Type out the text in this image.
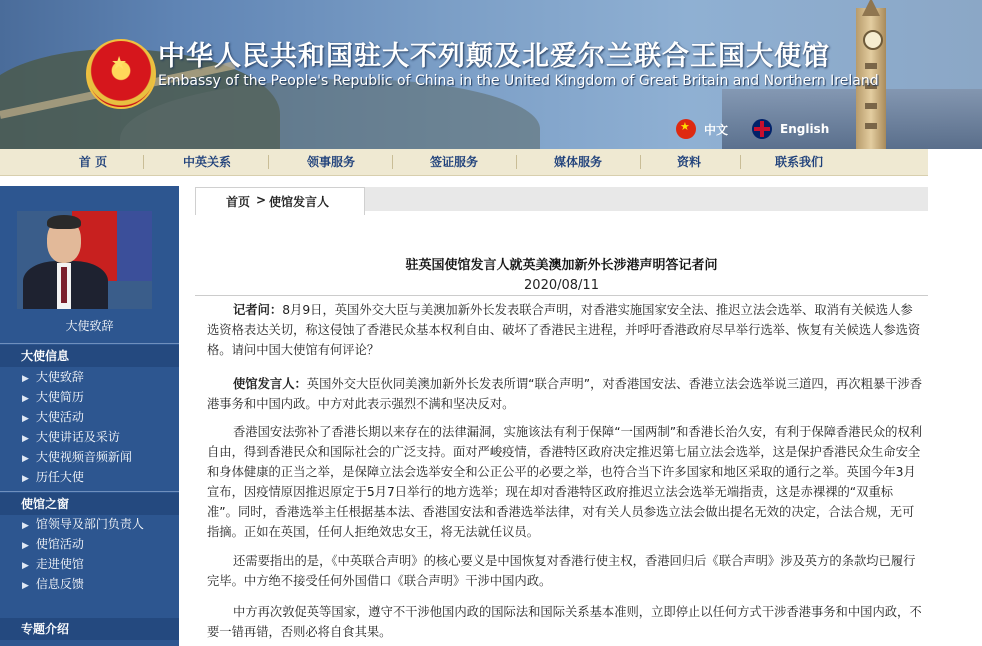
★ 中华人民共和国驻大不列颠及北爱尔兰联合王国大使馆
Embassy of the People's Republic of China in the United Kingdom of Great Britain and Northern Ireland
★
中文	English
首 页	中英关系	领事服务	签证服务	媒体服务	资料	联系我们
大使致辞
大使信息
▶ 大使致辞
▶ 大使简历
▶ 大使活动
▶ 大使讲话及采访
▶ 大使视频音频新闻
▶ 历任大使
使馆之窗
▶ 馆领导及部门负责人
▶ 使馆活动
▶ 走进使馆
▶ 信息反馈
专题介绍
首页 > 使馆发言人
驻英国使馆发言人就英美澳加新外长涉港声明答记者问
2020/08/11

记者问：8月9日，英国外交大臣与美澳加新外长发表联合声明，对香港实施国家安全法、推迟立法会选举、取消有关候选人参选资格表达关切，称这侵蚀了香港民众基本权利自由、破坏了香港民主进程，并呼吁香港政府尽早举行选举、恢复有关候选人参选资格。请问中国大使馆有何评论？

使馆发言人：英国外交大臣伙同美澳加新外长发表所谓“联合声明”，对香港国安法、香港立法会选举说三道四，再次粗暴干涉香港事务和中国内政。中方对此表示强烈不满和坚决反对。

香港国安法弥补了香港长期以来存在的法律漏洞，实施该法有利于保障“一国两制”和香港长治久安，有利于保障香港民众的权利自由，得到香港民众和国际社会的广泛支持。面对严峻疫情，香港特区政府决定推迟第七届立法会选举，这是保护香港民众生命安全和身体健康的正当之举，是保障立法会选举安全和公正公平的必要之举，也符合当下许多国家和地区采取的通行之举。英国今年3月宣布，因疫情原因推迟原定于5月7日举行的地方选举；现在却对香港特区政府推迟立法会选举无端指责，这是赤裸裸的“双重标准”。同时，香港选举主任根据基本法、香港国安法和香港选举法律，对有关人员参选立法会做出提名无效的决定，合法合规，无可指摘。正如在英国，任何人拒绝效忠女王，将无法就任议员。

还需要指出的是，《中英联合声明》的核心要义是中国恢复对香港行使主权，香港回归后《联合声明》涉及英方的条款均已履行完毕。中方绝不接受任何外国借口《联合声明》干涉中国内政。

中方再次敦促英等国家，遵守不干涉他国内政的国际法和国际关系基本准则，立即停止以任何方式干涉香港事务和中国内政，不要一错再错，否则必将自食其果。
